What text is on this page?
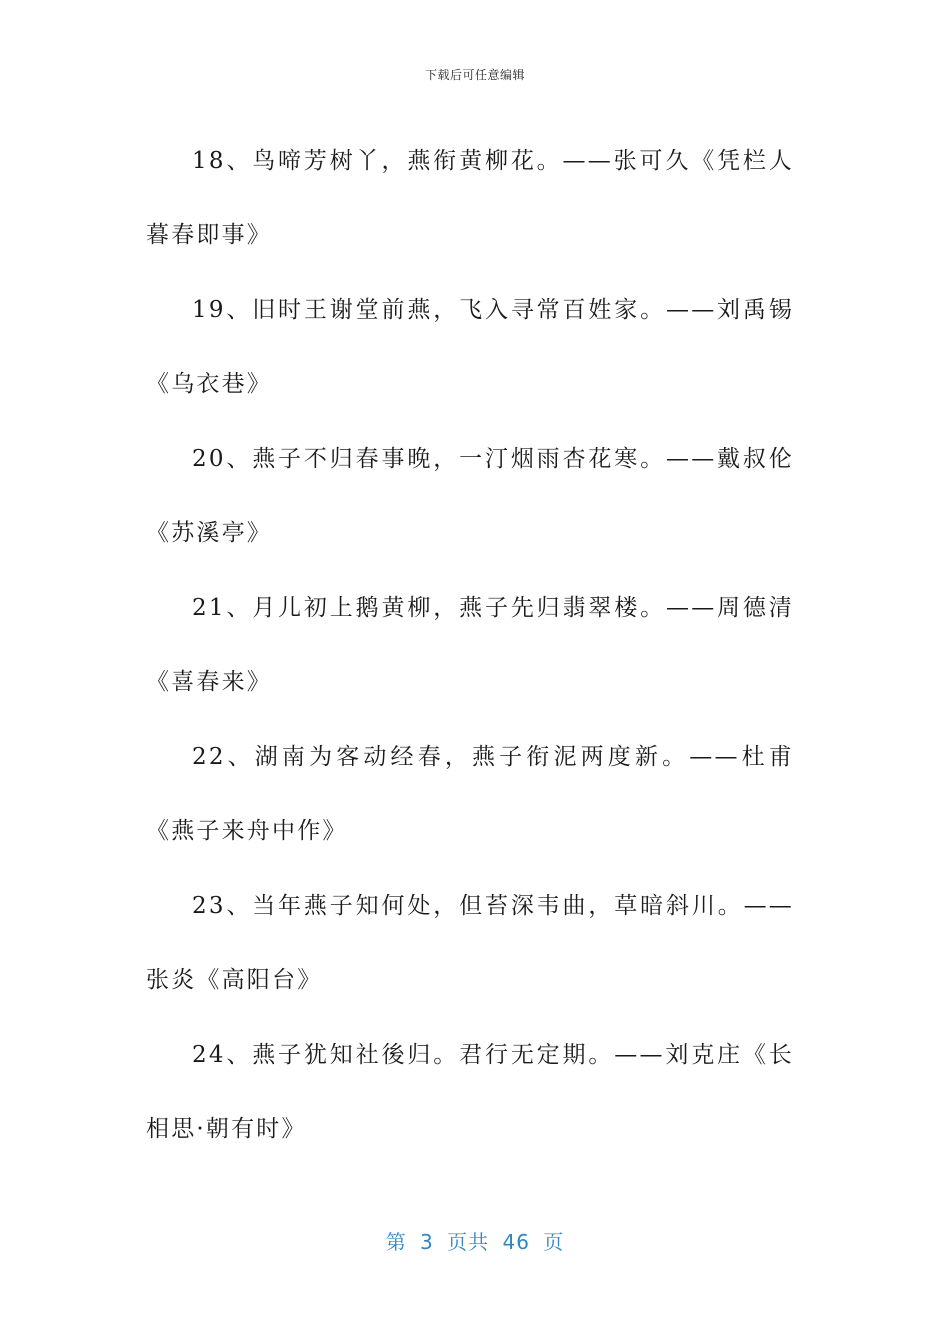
下载后可任意编辑

18、鸟啼芳树丫，燕衔黄柳花。——张可久《凭栏人暮春即事》

19、旧时王谢堂前燕，飞入寻常百姓家。——刘禹锡《乌衣巷》

20、燕子不归春事晚，一汀烟雨杏花寒。——戴叔伦《苏溪亭》

21、月儿初上鹅黄柳，燕子先归翡翠楼。——周德清《喜春来》

22、湖南为客动经春，燕子衔泥两度新。——杜甫《燕子来舟中作》

23、当年燕子知何处，但苔深韦曲，草暗斜川。——张炎《高阳台》

24、燕子犹知社後归。君行无定期。——刘克庄《长相思·朝有时》

第 3 页共 46 页
